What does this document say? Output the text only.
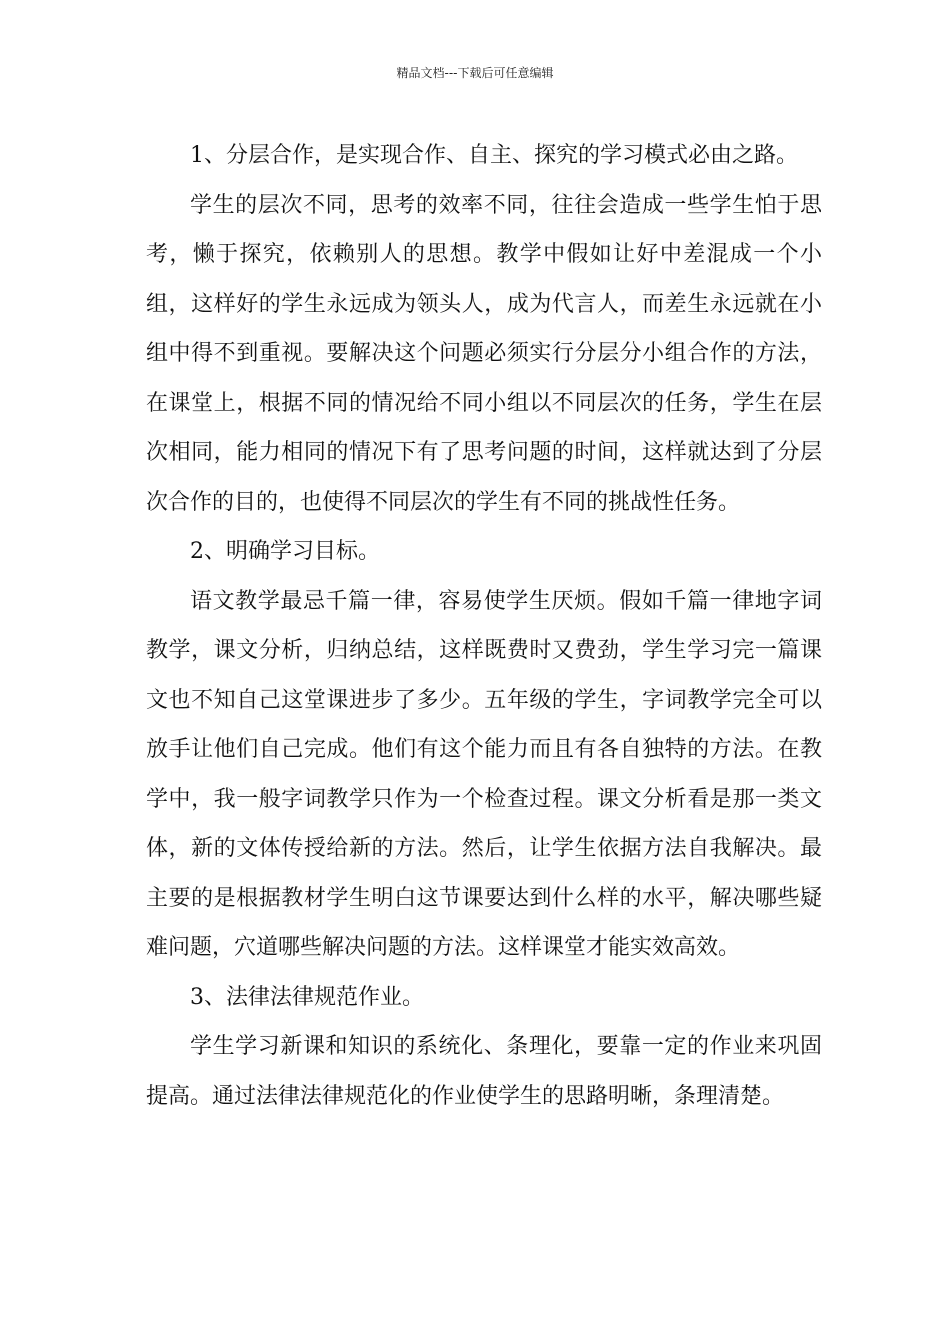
精品文档---下载后可任意编辑

1、分层合作，是实现合作、自主、探究的学习模式必由之路。

学生的层次不同，思考的效率不同，往往会造成一些学生怕于思考，懒于探究，依赖别人的思想。教学中假如让好中差混成一个小组，这样好的学生永远成为领头人，成为代言人，而差生永远就在小组中得不到重视。要解决这个问题必须实行分层分小组合作的方法，在课堂上，根据不同的情况给不同小组以不同层次的任务，学生在层次相同，能力相同的情况下有了思考问题的时间，这样就达到了分层次合作的目的，也使得不同层次的学生有不同的挑战性任务。

2、明确学习目标。

语文教学最忌千篇一律，容易使学生厌烦。假如千篇一律地字词教学，课文分析，归纳总结，这样既费时又费劲，学生学习完一篇课文也不知自己这堂课进步了多少。五年级的学生，字词教学完全可以放手让他们自己完成。他们有这个能力而且有各自独特的方法。在教学中，我一般字词教学只作为一个检查过程。课文分析看是那一类文体，新的文体传授给新的方法。然后，让学生依据方法自我解决。最主要的是根据教材学生明白这节课要达到什么样的水平，解决哪些疑难问题，穴道哪些解决问题的方法。这样课堂才能实效高效。

3、法律法律规范作业。

学生学习新课和知识的系统化、条理化，要靠一定的作业来巩固提高。通过法律法律规范化的作业使学生的思路明晰，条理清楚。
